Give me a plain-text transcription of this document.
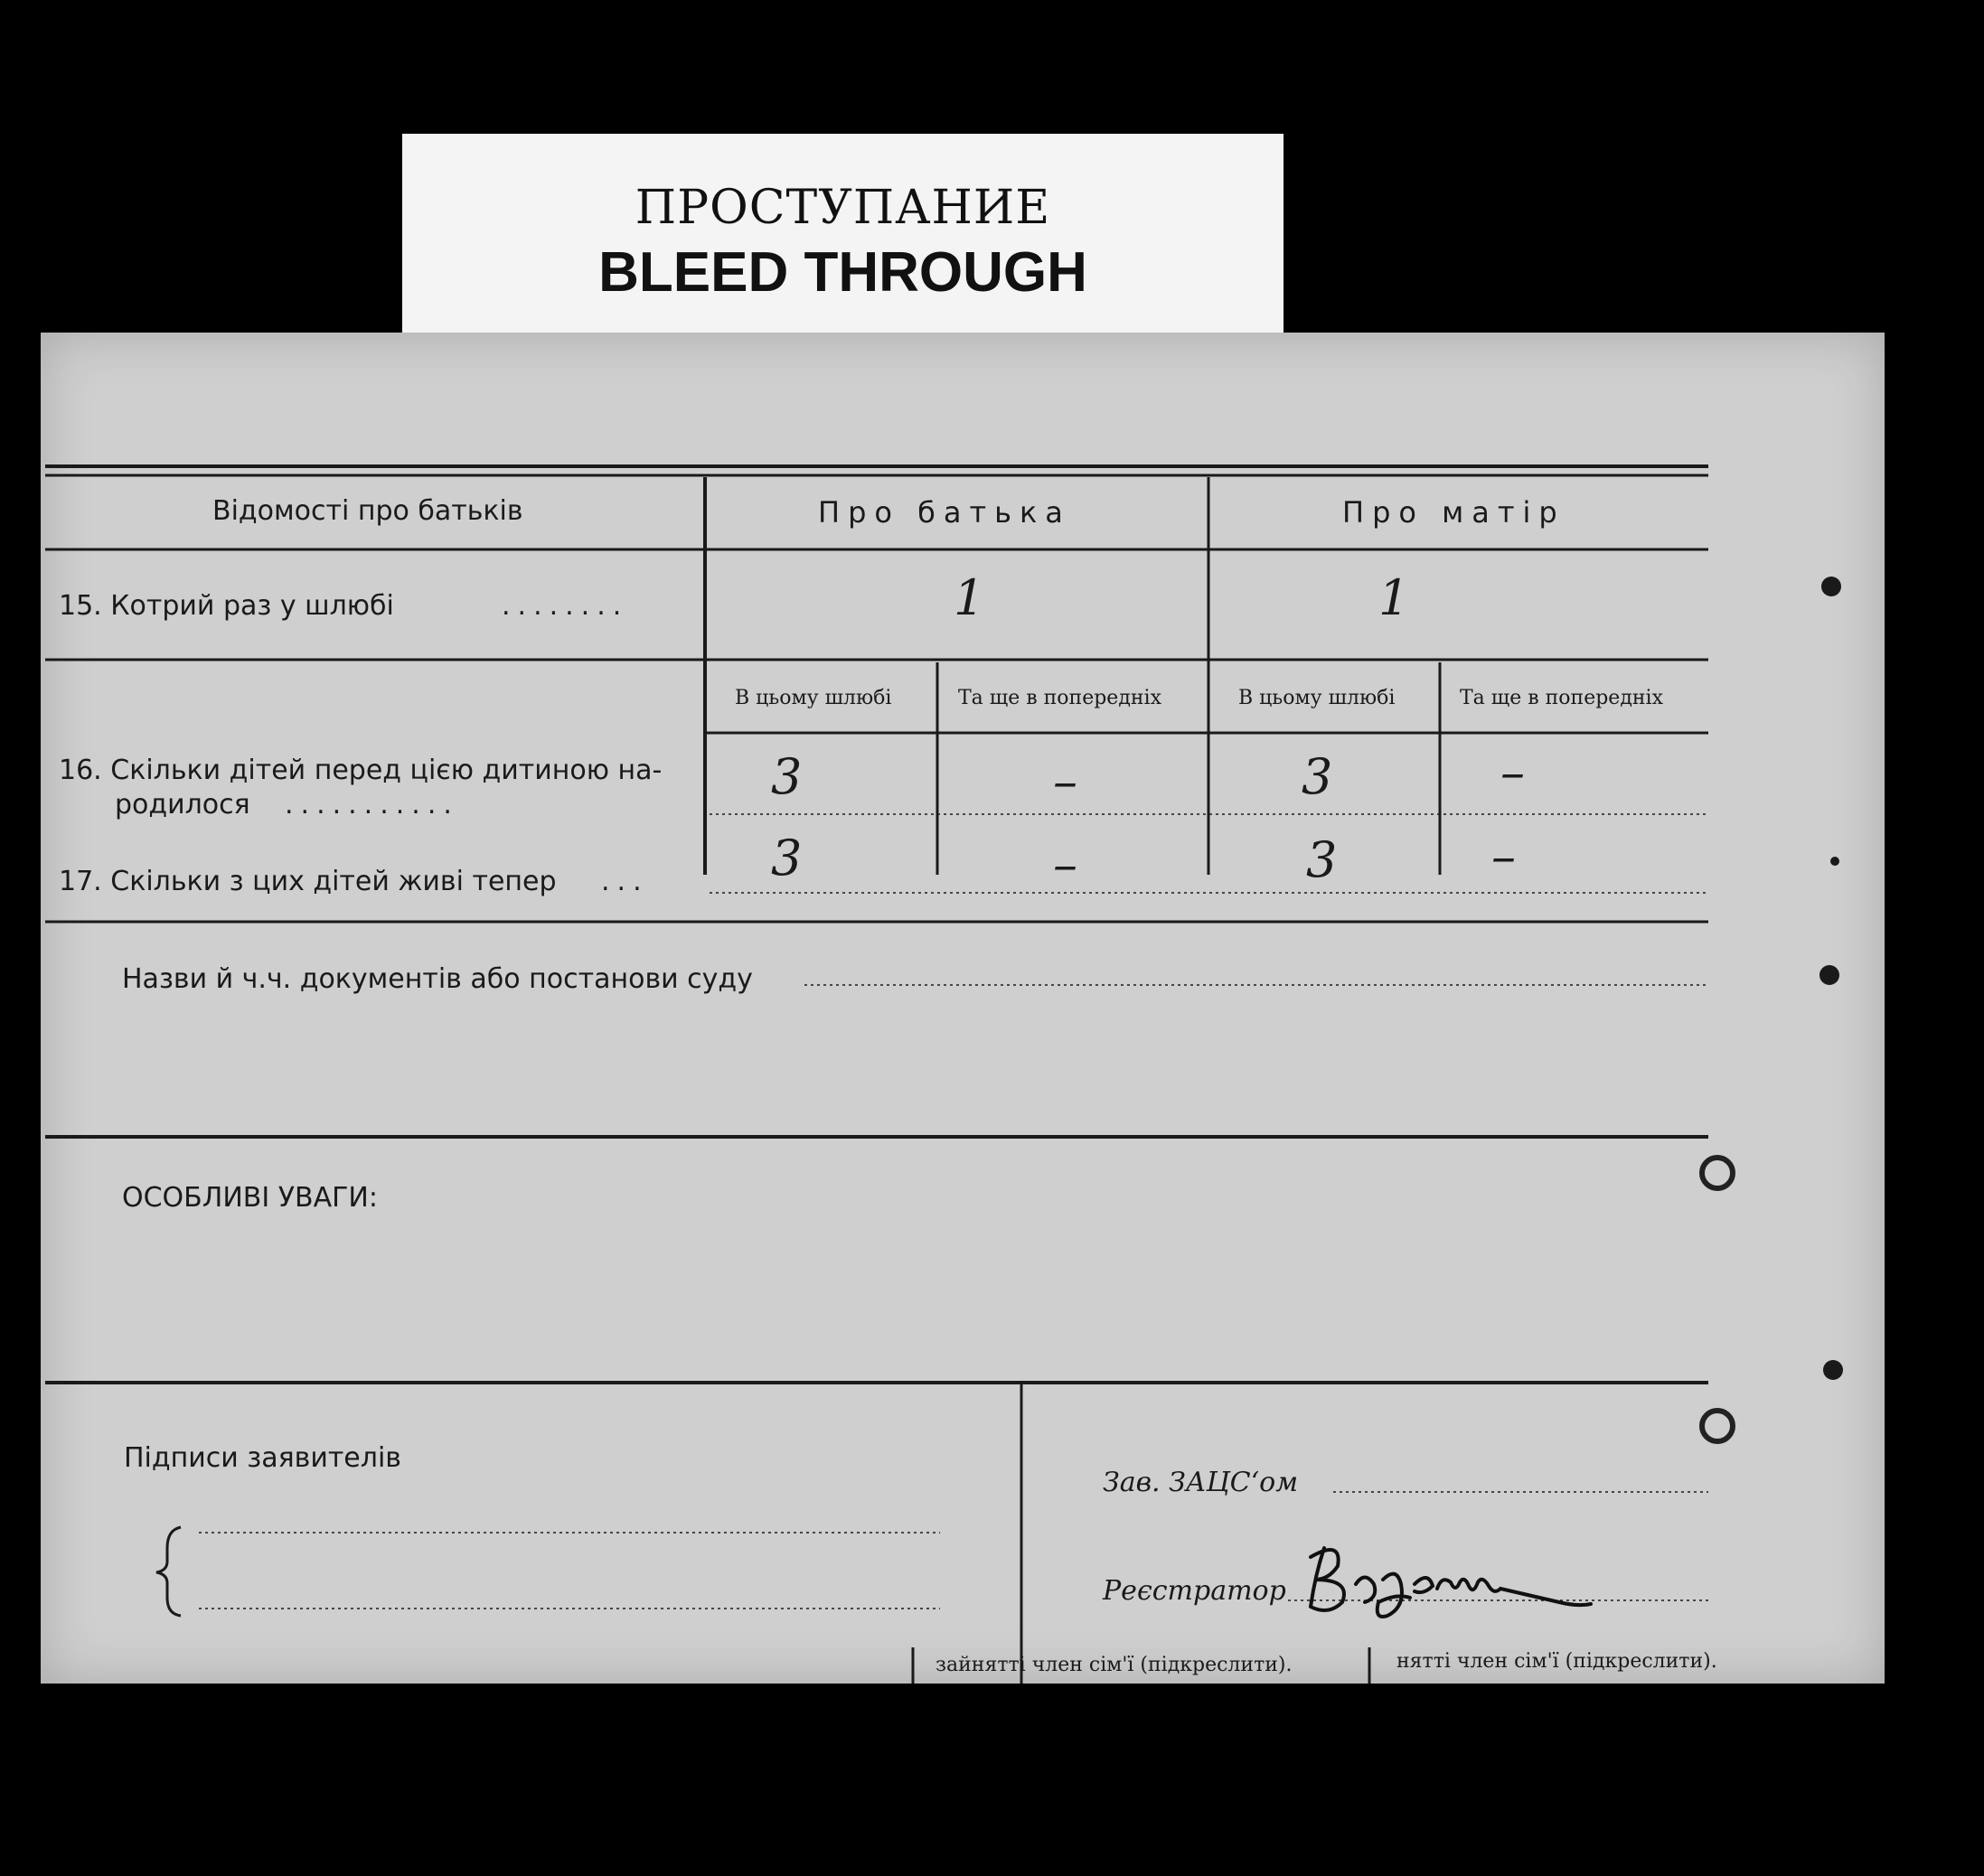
ПРОСТУПАНИЕ
BLEED THROUGH
Відомості про батьків	Про батька	Про матір
15. Котрий раз у шлюбі	........	1	1
В цьому шлюбі	Та ще в попередніх	В цьому шлюбі	Та ще в попередніх
16. Скільки дітей перед цією дитиною на-
родилося ...........	3	–	3	–
17. Скільки з цих дітей живі тепер ...	3	–	3	–
Назви й ч.ч. документів або постанови суду
ОСОБЛИВІ УВАГИ:
Підписи заявителів
Зав. ЗАЦС‘ом
Реєстратор
зайнятті член сім'ї (підкреслити).	нятті член сім'ї (підкреслити).
